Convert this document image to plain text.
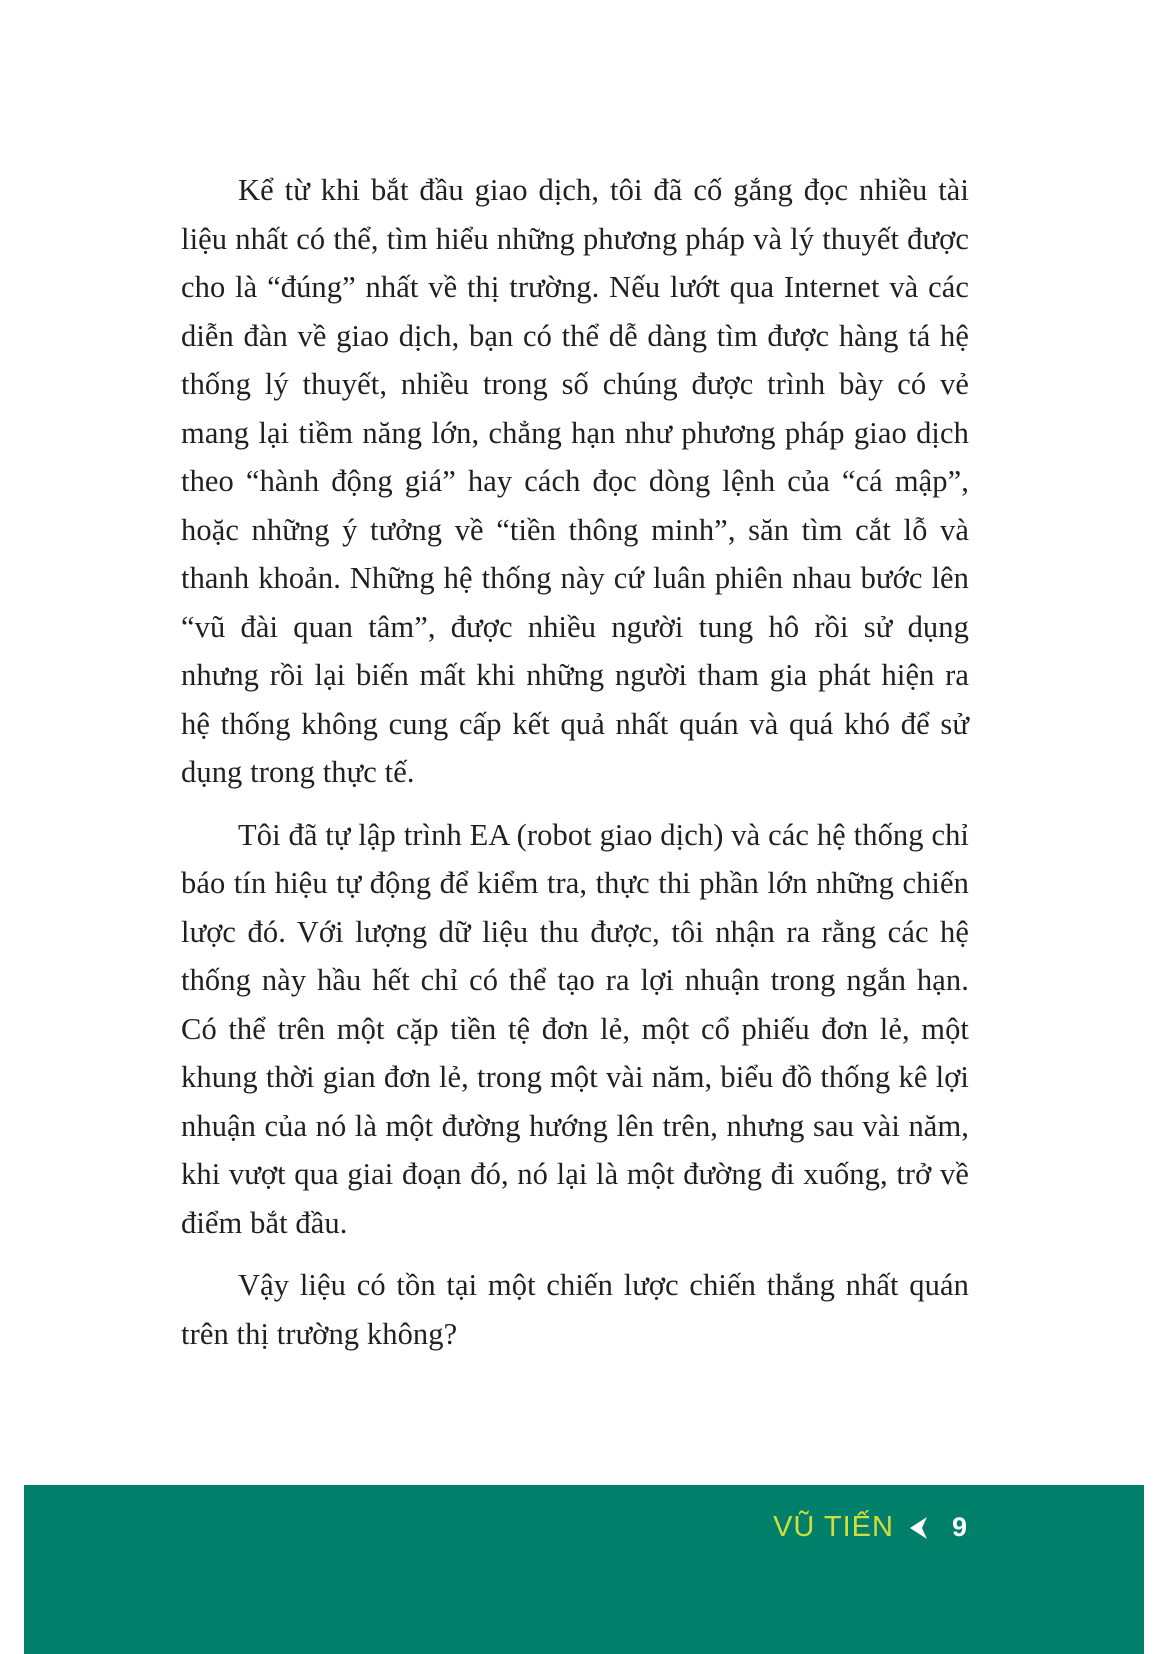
Kể từ khi bắt đầu giao dịch, tôi đã cố gắng đọc nhiều tài liệu nhất có thể, tìm hiểu những phương pháp và lý thuyết được cho là “đúng” nhất về thị trường. Nếu lướt qua Internet và các diễn đàn về giao dịch, bạn có thể dễ dàng tìm được hàng tá hệ thống lý thuyết, nhiều trong số chúng được trình bày có vẻ mang lại tiềm năng lớn, chẳng hạn như phương pháp giao dịch theo “hành động giá” hay cách đọc dòng lệnh của “cá mập”, hoặc những ý tưởng về “tiền thông minh”, săn tìm cắt lỗ và thanh khoản. Những hệ thống này cứ luân phiên nhau bước lên “vũ đài quan tâm”, được nhiều người tung hô rồi sử dụng nhưng rồi lại biến mất khi những người tham gia phát hiện ra hệ thống không cung cấp kết quả nhất quán và quá khó để sử dụng trong thực tế.

Tôi đã tự lập trình EA (robot giao dịch) và các hệ thống chỉ báo tín hiệu tự động để kiểm tra, thực thi phần lớn những chiến lược đó. Với lượng dữ liệu thu được, tôi nhận ra rằng các hệ thống này hầu hết chỉ có thể tạo ra lợi nhuận trong ngắn hạn. Có thể trên một cặp tiền tệ đơn lẻ, một cổ phiếu đơn lẻ, một khung thời gian đơn lẻ, trong một vài năm, biểu đồ thống kê lợi nhuận của nó là một đường hướng lên trên, nhưng sau vài năm, khi vượt qua giai đoạn đó, nó lại là một đường đi xuống, trở về điểm bắt đầu.

Vậy liệu có tồn tại một chiến lược chiến thắng nhất quán trên thị trường không?

VŨ TIẾN 9
